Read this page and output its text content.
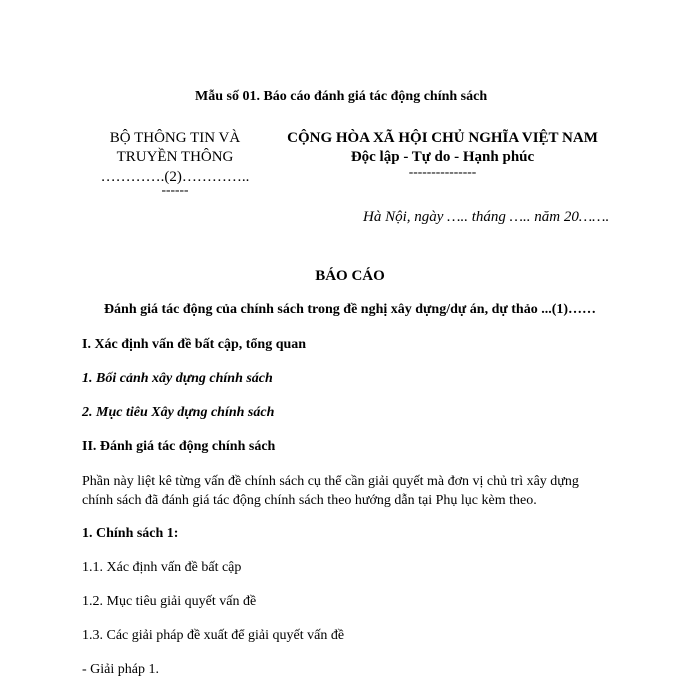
Mẫu số 01. Báo cáo đánh giá tác động chính sách
BỘ THÔNG TIN VÀ
TRUYỀN THÔNG
………….(2)…………..
------
CỘNG HÒA XÃ HỘI CHỦ NGHĨA VIỆT NAM
Độc lập - Tự do - Hạnh phúc
---------------
Hà Nội, ngày ….. tháng ….. năm 20…….
BÁO CÁO
Đánh giá tác động của chính sách trong đề nghị xây dựng/dự án, dự thảo ...(1)……
I. Xác định vấn đề bất cập, tổng quan
1. Bối cảnh xây dựng chính sách
2. Mục tiêu Xây dựng chính sách
II. Đánh giá tác động chính sách
Phần này liệt kê từng vấn đề chính sách cụ thể cần giải quyết mà đơn vị chủ trì xây dựng
chính sách đã đánh giá tác động chính sách theo hướng dẫn tại Phụ lục kèm theo.
1. Chính sách 1:
1.1. Xác định vấn đề bất cập
1.2. Mục tiêu giải quyết vấn đề
1.3. Các giải pháp đề xuất để giải quyết vấn đề
- Giải pháp 1.
